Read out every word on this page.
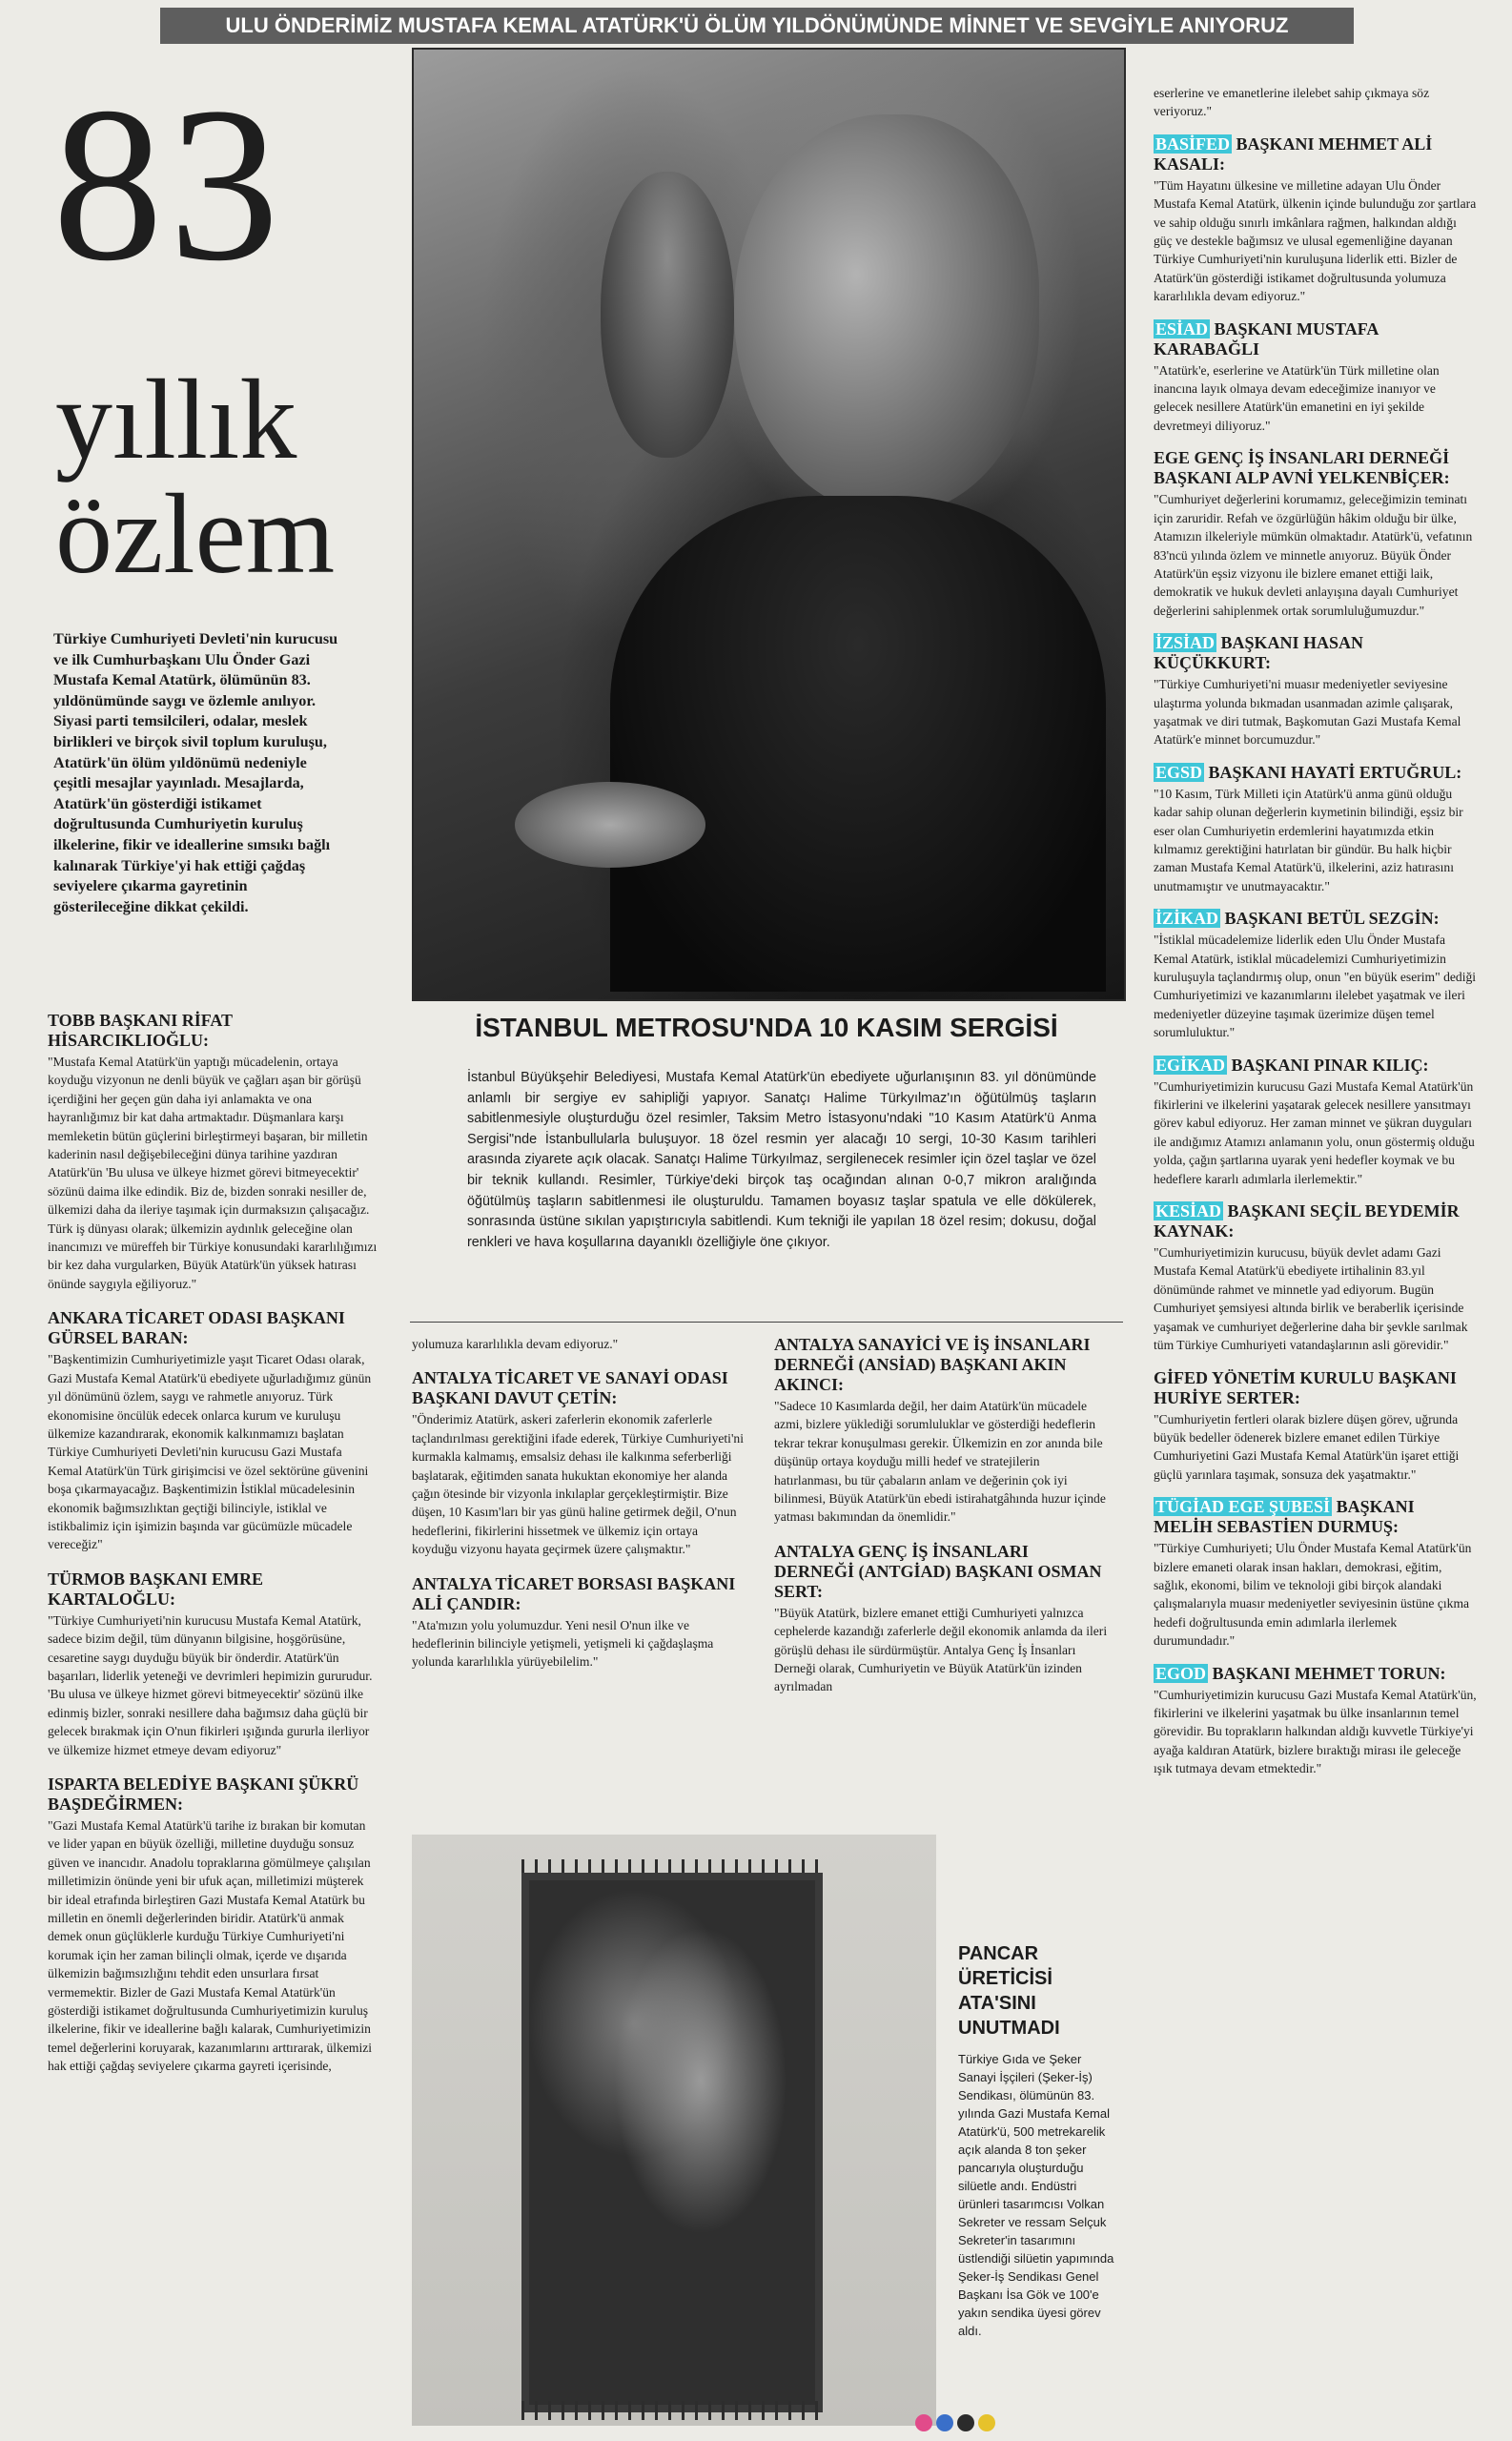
ULU ÖNDERİMİZ MUSTAFA KEMAL ATATÜRK'Ü ÖLÜM YILDÖNÜMÜNDE MİNNET VE SEVGİYLE ANIYORUZ
83
yıllık
özlem
Türkiye Cumhuriyeti Devleti'nin kurucusu ve ilk Cumhurbaşkanı Ulu Önder Gazi Mustafa Kemal Atatürk, ölümünün 83. yıldönümünde saygı ve özlemle anılıyor. Siyasi parti temsilcileri, odalar, meslek birlikleri ve birçok sivil toplum kuruluşu, Atatürk'ün ölüm yıldönümü nedeniyle çeşitli mesajlar yayınladı. Mesajlarda, Atatürk'ün gösterdiği istikamet doğrultusunda Cumhuriyetin kuruluş ilkelerine, fikir ve ideallerine sımsıkı bağlı kalınarak Türkiye'yi hak ettiği çağdaş seviyelere çıkarma gayretinin gösterileceğine dikkat çekildi.
İSTANBUL METROSU'NDA 10 KASIM SERGİSİ
İstanbul Büyükşehir Belediyesi, Mustafa Kemal Atatürk'ün ebediyete uğurlanışının 83. yıl dönümünde anlamlı bir sergiye ev sahipliği yapıyor. Sanatçı Halime Türkyılmaz'ın öğütülmüş taşların sabitlenmesiyle oluşturduğu özel resimler, Taksim Metro İstasyonu'ndaki "10 Kasım Atatürk'ü Anma Sergisi"nde İstanbullularla buluşuyor. 18 özel resmin yer alacağı 10 sergi, 10-30 Kasım tarihleri arasında ziyarete açık olacak. Sanatçı Halime Türkyılmaz, sergilenecek resimler için özel taşlar ve özel bir teknik kullandı. Resimler, Türkiye'deki birçok taş ocağından alınan 0-0,7 mikron aralığında öğütülmüş taşların sabitlenmesi ile oluşturuldu. Tamamen boyasız taşlar spatula ve elle dökülerek, sonrasında üstüne sıkılan yapıştırıcıyla sabitlendi. Kum tekniği ile yapılan 18 özel resim; dokusu, doğal renkleri ve hava koşullarına dayanıklı özelliğiyle öne çıkıyor.
TOBB BAŞKANI RİFAT HİSARCIKLIOĞLU:

"Mustafa Kemal Atatürk'ün yaptığı mücadelenin, ortaya koyduğu vizyonun ne denli büyük ve çağları aşan bir görüşü içerdiğini her geçen gün daha iyi anlamakta ve ona hayranlığımız bir kat daha artmaktadır. Düşmanlara karşı memleketin bütün güçlerini birleştirmeyi başaran, bir milletin kaderinin nasıl değişebileceğini dünya tarihine yazdıran Atatürk'ün 'Bu ulusa ve ülkeye hizmet görevi bitmeyecektir' sözünü daima ilke edindik. Biz de, bizden sonraki nesiller de, ülkemizi daha da ileriye taşımak için durmaksızın çalışacağız. Türk iş dünyası olarak; ülkemizin aydınlık geleceğine olan inancımızı ve müreffeh bir Türkiye konusundaki kararlılığımızı bir kez daha vurgularken, Büyük Atatürk'ün yüksek hatırası önünde saygıyla eğiliyoruz."

ANKARA TİCARET ODASI BAŞKANI GÜRSEL BARAN:

"Başkentimizin Cumhuriyetimizle yaşıt Ticaret Odası olarak, Gazi Mustafa Kemal Atatürk'ü ebediyete uğurladığımız günün yıl dönümünü özlem, saygı ve rahmetle anıyoruz. Türk ekonomisine öncülük edecek onlarca kurum ve kuruluşu ülkemize kazandırarak, ekonomik kalkınmamızı başlatan Türkiye Cumhuriyeti Devleti'nin kurucusu Gazi Mustafa Kemal Atatürk'ün Türk girişimcisi ve özel sektörüne güvenini boşa çıkarmayacağız. Başkentimizin İstiklal mücadelesinin ekonomik bağımsızlıktan geçtiği bilinciyle, istiklal ve istikbalimiz için işimizin başında var gücümüzle mücadele vereceğiz"

TÜRMOB BAŞKANI EMRE KARTALOĞLU:

"Türkiye Cumhuriyeti'nin kurucusu Mustafa Kemal Atatürk, sadece bizim değil, tüm dünyanın bilgisine, hoşgörüsüne, cesaretine saygı duyduğu büyük bir önderdir. Atatürk'ün başarıları, liderlik yeteneği ve devrimleri hepimizin gururudur. 'Bu ulusa ve ülkeye hizmet görevi bitmeyecektir' sözünü ilke edinmiş bizler, sonraki nesillere daha bağımsız daha güçlü bir gelecek bırakmak için O'nun fikirleri ışığında gururla ilerliyor ve ülkemize hizmet etmeye devam ediyoruz"

ISPARTA BELEDİYE BAŞKANI ŞÜKRÜ BAŞDEĞİRMEN:

"Gazi Mustafa Kemal Atatürk'ü tarihe iz bırakan bir komutan ve lider yapan en büyük özelliği, milletine duyduğu sonsuz güven ve inancıdır. Anadolu topraklarına gömülmeye çalışılan milletimizin önünde yeni bir ufuk açan, milletimizi müşterek bir ideal etrafında birleştiren Gazi Mustafa Kemal Atatürk bu milletin en önemli değerlerinden biridir. Atatürk'ü anmak demek onun güçlüklerle kurduğu Türkiye Cumhuriyeti'ni korumak için her zaman bilinçli olmak, içerde ve dışarıda ülkemizin bağımsızlığını tehdit eden unsurlara fırsat vermemektir. Bizler de Gazi Mustafa Kemal Atatürk'ün gösterdiği istikamet doğrultusunda Cumhuriyetimizin kuruluş ilkelerine, fikir ve ideallerine bağlı kalarak, Cumhuriyetimizin temel değerlerini koruyarak, kazanımlarını arttırarak, ülkemizi hak ettiği çağdaş seviyelere çıkarma gayreti içerisinde,

yolumuza kararlılıkla devam ediyoruz."

ANTALYA TİCARET VE SANAYİ ODASI BAŞKANI DAVUT ÇETİN:

"Önderimiz Atatürk, askeri zaferlerin ekonomik zaferlerle taçlandırılması gerektiğini ifade ederek, Türkiye Cumhuriyeti'ni kurmakla kalmamış, emsalsiz dehası ile kalkınma seferberliği başlatarak, eğitimden sanata hukuktan ekonomiye her alanda çağın ötesinde bir vizyonla inkılaplar gerçekleştirmiştir. Bize düşen, 10 Kasım'ları bir yas günü haline getirmek değil, O'nun hedeflerini, fikirlerini hissetmek ve ülkemiz için ortaya koyduğu vizyonu hayata geçirmek üzere çalışmaktır."

ANTALYA TİCARET BORSASI BAŞKANI ALİ ÇANDIR:

"Ata'mızın yolu yolumuzdur. Yeni nesil O'nun ilke ve hedeflerinin bilinciyle yetişmeli, yetişmeli ki çağdaşlaşma yolunda kararlılıkla yürüyebilelim."

ANTALYA SANAYİCİ VE İŞ İNSANLARI DERNEĞİ (ANSİAD) BAŞKANI AKIN AKINCI:

"Sadece 10 Kasımlarda değil, her daim Atatürk'ün mücadele azmi, bizlere yüklediği sorumluluklar ve gösterdiği hedeflerin tekrar tekrar konuşulması gerekir. Ülkemizin en zor anında bile düşünüp ortaya koyduğu milli hedef ve stratejilerin hatırlanması, bu tür çabaların anlam ve değerinin çok iyi bilinmesi, Büyük Atatürk'ün ebedi istirahatgâhında huzur içinde yatması bakımından da önemlidir."

ANTALYA GENÇ İŞ İNSANLARI DERNEĞİ (ANTGİAD) BAŞKANI OSMAN SERT:

"Büyük Atatürk, bizlere emanet ettiği Cumhuriyeti yalnızca cephelerde kazandığı zaferlerle değil ekonomik anlamda da ileri görüşlü dehası ile sürdürmüştür. Antalya Genç İş İnsanları Derneği olarak, Cumhuriyetin ve Büyük Atatürk'ün izinden ayrılmadan

eserlerine ve emanetlerine ilelebet sahip çıkmaya söz veriyoruz."

BASİFED BAŞKANI MEHMET ALİ KASALI:

"Tüm Hayatını ülkesine ve milletine adayan Ulu Önder Mustafa Kemal Atatürk, ülkenin içinde bulunduğu zor şartlara ve sahip olduğu sınırlı imkânlara rağmen, halkından aldığı güç ve destekle bağımsız ve ulusal egemenliğine dayanan Türkiye Cumhuriyeti'nin kuruluşuna liderlik etti. Bizler de Atatürk'ün gösterdiği istikamet doğrultusunda yolumuza kararlılıkla devam ediyoruz."

ESİAD BAŞKANI MUSTAFA KARABAĞLI

"Atatürk'e, eserlerine ve Atatürk'ün Türk milletine olan inancına layık olmaya devam edeceğimize inanıyor ve gelecek nesillere Atatürk'ün emanetini en iyi şekilde devretmeyi diliyoruz."

EGE GENÇ İŞ İNSANLARI DERNEĞİ BAŞKANI ALP AVNİ YELKENBİÇER:

"Cumhuriyet değerlerini korumamız, geleceğimizin teminatı için zaruridir. Refah ve özgürlüğün hâkim olduğu bir ülke, Atamızın ilkeleriyle mümkün olmaktadır. Atatürk'ü, vefatının 83'ncü yılında özlem ve minnetle anıyoruz. Büyük Önder Atatürk'ün eşsiz vizyonu ile bizlere emanet ettiği laik, demokratik ve hukuk devleti anlayışına dayalı Cumhuriyet değerlerini sahiplenmek ortak sorumluluğumuzdur."

İZSİAD BAŞKANI HASAN KÜÇÜKKURT:

"Türkiye Cumhuriyeti'ni muasır medeniyetler seviyesine ulaştırma yolunda bıkmadan usanmadan azimle çalışarak, yaşatmak ve diri tutmak, Başkomutan Gazi Mustafa Kemal Atatürk'e minnet borcumuzdur."

EGSD BAŞKANI HAYATİ ERTUĞRUL:

"10 Kasım, Türk Milleti için Atatürk'ü anma günü olduğu kadar sahip olunan değerlerin kıymetinin bilindiği, eşsiz bir eser olan Cumhuriyetin erdemlerini hayatımızda etkin kılmamız gerektiğini hatırlatan bir gündür. Bu halk hiçbir zaman Mustafa Kemal Atatürk'ü, ilkelerini, aziz hatırasını unutmamıştır ve unutmayacaktır."

İZİKAD BAŞKANI BETÜL SEZGİN:

"İstiklal mücadelemize liderlik eden Ulu Önder Mustafa Kemal Atatürk, istiklal mücadelemizi Cumhuriyetimizin kuruluşuyla taçlandırmış olup, onun "en büyük eserim" dediği Cumhuriyetimizi ve kazanımlarını ilelebet yaşatmak ve ileri medeniyetler düzeyine taşımak üzerimize düşen temel sorumluluktur."

EGİKAD BAŞKANI PINAR KILIÇ:

"Cumhuriyetimizin kurucusu Gazi Mustafa Kemal Atatürk'ün fikirlerini ve ilkelerini yaşatarak gelecek nesillere yansıtmayı görev kabul ediyoruz. Her zaman minnet ve şükran duyguları ile andığımız Atamızı anlamanın yolu, onun göstermiş olduğu yolda, çağın şartlarına uyarak yeni hedefler koymak ve bu hedeflere kararlı adımlarla ilerlemektir."

KESİAD BAŞKANI SEÇİL BEYDEMİR KAYNAK:

"Cumhuriyetimizin kurucusu, büyük devlet adamı Gazi Mustafa Kemal Atatürk'ü ebediyete irtihalinin 83.yıl dönümünde rahmet ve minnetle yad ediyorum. Bugün Cumhuriyet şemsiyesi altında birlik ve beraberlik içerisinde yaşamak ve cumhuriyet değerlerine daha bir şevkle sarılmak tüm Türkiye Cumhuriyeti vatandaşlarının asli görevidir."

GİFED YÖNETİM KURULU BAŞKANI HURİYE SERTER:

"Cumhuriyetin fertleri olarak bizlere düşen görev, uğrunda büyük bedeller ödenerek bizlere emanet edilen Türkiye Cumhuriyetini Gazi Mustafa Kemal Atatürk'ün işaret ettiği güçlü yarınlara taşımak, sonsuza dek yaşatmaktır."

TÜGİAD EGE ŞUBESİ BAŞKANI MELİH SEBASTİEN DURMUŞ:

"Türkiye Cumhuriyeti; Ulu Önder Mustafa Kemal Atatürk'ün bizlere emaneti olarak insan hakları, demokrasi, eğitim, sağlık, ekonomi, bilim ve teknoloji gibi birçok alandaki çalışmalarıyla muasır medeniyetler seviyesinin üstüne çıkma hedefi doğrultusunda emin adımlarla ilerlemek durumundadır."

EGOD BAŞKANI MEHMET TORUN:

"Cumhuriyetimizin kurucusu Gazi Mustafa Kemal Atatürk'ün, fikirlerini ve ilkelerini yaşatmak bu ülke insanlarının temel görevidir. Bu toprakların halkından aldığı kuvvetle Türkiye'yi ayağa kaldıran Atatürk, bizlere bıraktığı mirası ile geleceğe ışık tutmaya devam etmektedir."

PANCAR
ÜRETİCİSİ
ATA'SINI
UNUTMADI
Türkiye Gıda ve Şeker Sanayi İşçileri (Şeker-İş) Sendikası, ölümünün 83. yılında Gazi Mustafa Kemal Atatürk'ü, 500 metrekarelik açık alanda 8 ton şeker pancarıyla oluşturduğu silüetle andı. Endüstri ürünleri tasarımcısı Volkan Sekreter ve ressam Selçuk Sekreter'in tasarımını üstlendiği silüetin yapımında Şeker-İş Sendikası Genel Başkanı İsa Gök ve 100'e yakın sendika üyesi görev aldı.
